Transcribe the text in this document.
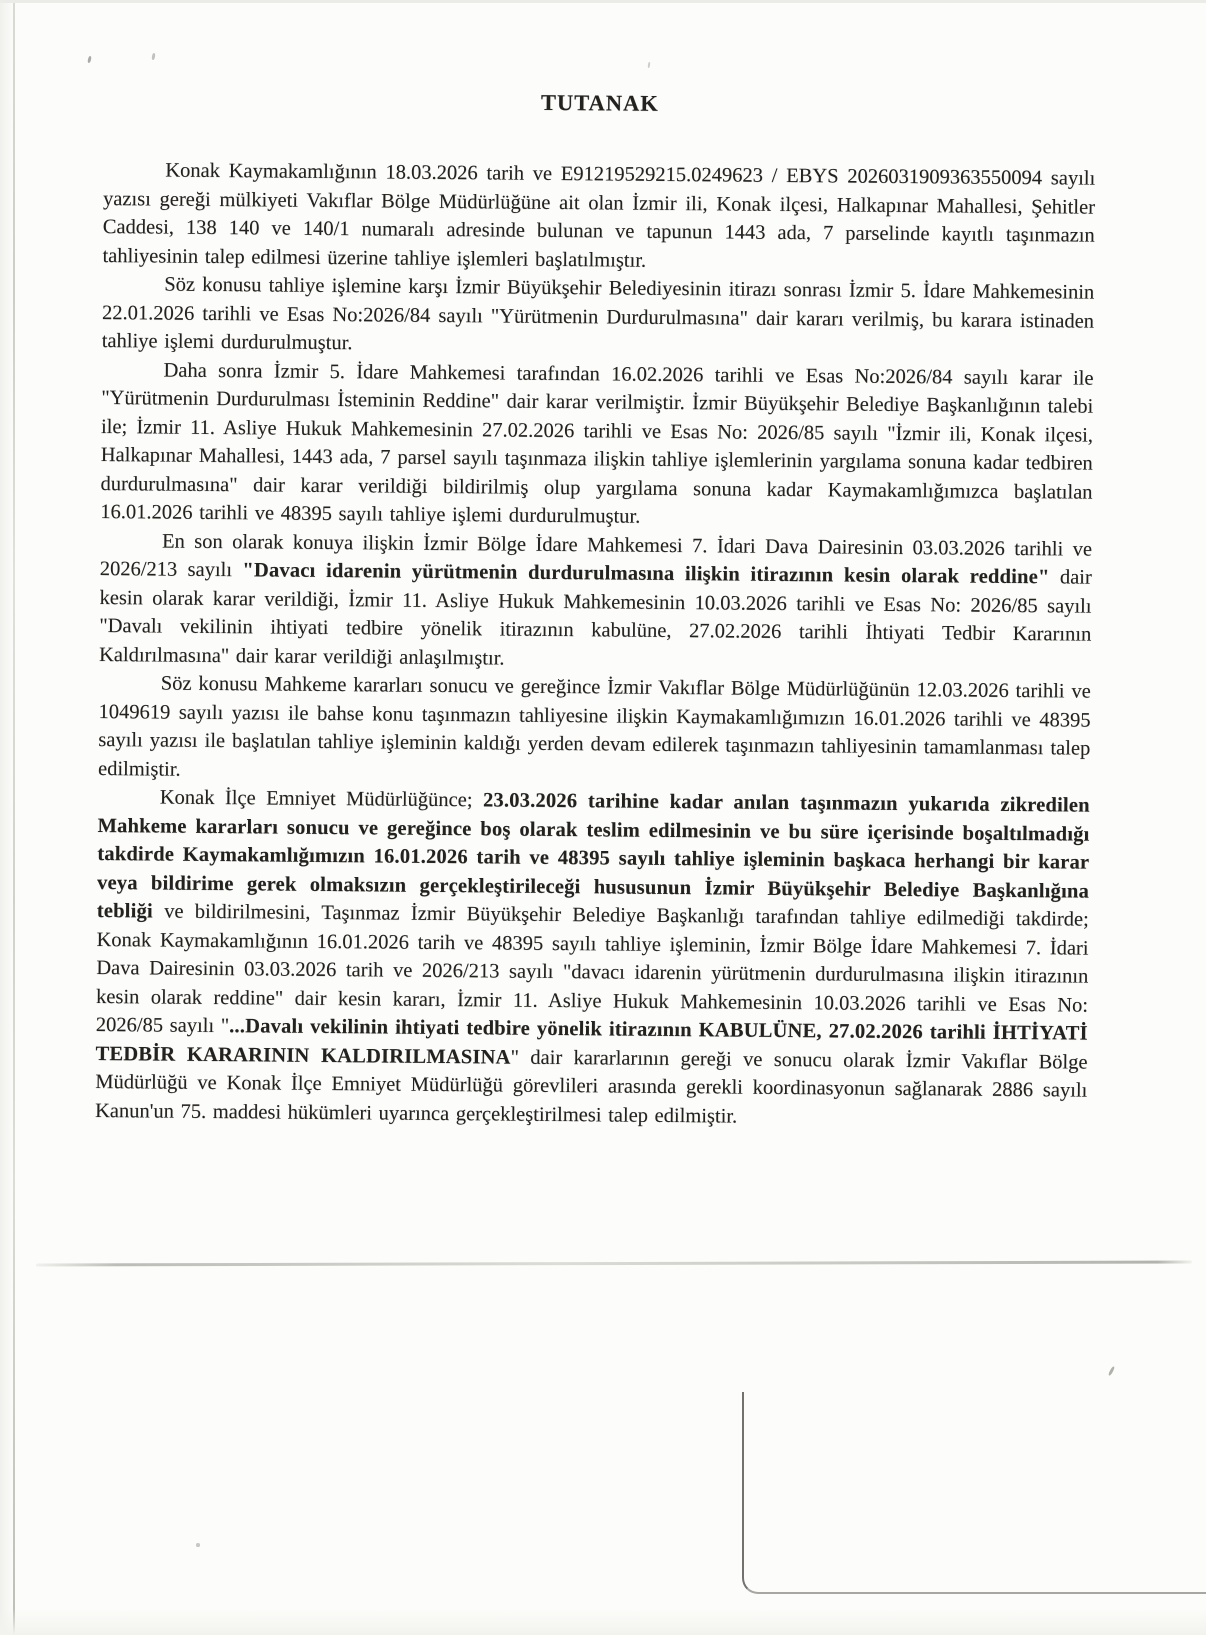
TUTANAK

Konak Kaymakamlığının 18.03.2026 tarih ve E91219529215.0249623 / EBYS 2026031909363550094 sayılı yazısı gereği mülkiyeti Vakıflar Bölge Müdürlüğüne ait olan İzmir ili, Konak ilçesi, Halkapınar Mahallesi, Şehitler Caddesi, 138 140 ve 140/1 numaralı adresinde bulunan ve tapunun 1443 ada, 7 parselinde kayıtlı taşınmazın tahliyesinin talep edilmesi üzerine tahliye işlemleri başlatılmıştır.

Söz konusu tahliye işlemine karşı İzmir Büyükşehir Belediyesinin itirazı sonrası İzmir 5. İdare Mahkemesinin 22.01.2026 tarihli ve Esas No:2026/84 sayılı "Yürütmenin Durdurulmasına" dair kararı verilmiş, bu karara istinaden tahliye işlemi durdurulmuştur.

Daha sonra İzmir 5. İdare Mahkemesi tarafından 16.02.2026 tarihli ve Esas No:2026/84 sayılı karar ile "Yürütmenin Durdurulması İsteminin Reddine" dair karar verilmiştir. İzmir Büyükşehir Belediye Başkanlığının talebi ile; İzmir 11. Asliye Hukuk Mahkemesinin 27.02.2026 tarihli ve Esas No: 2026/85 sayılı "İzmir ili, Konak ilçesi, Halkapınar Mahallesi, 1443 ada, 7 parsel sayılı taşınmaza ilişkin tahliye işlemlerinin yargılama sonuna kadar tedbiren durdurulmasına" dair karar verildiği bildirilmiş olup yargılama sonuna kadar Kaymakamlığımızca başlatılan 16.01.2026 tarihli ve 48395 sayılı tahliye işlemi durdurulmuştur.

En son olarak konuya ilişkin İzmir Bölge İdare Mahkemesi 7. İdari Dava Dairesinin 03.03.2026 tarihli ve 2026/213 sayılı "Davacı idarenin yürütmenin durdurulmasına ilişkin itirazının kesin olarak reddine" dair kesin olarak karar verildiği, İzmir 11. Asliye Hukuk Mahkemesinin 10.03.2026 tarihli ve Esas No: 2026/85 sayılı "Davalı vekilinin ihtiyati tedbire yönelik itirazının kabulüne, 27.02.2026 tarihli İhtiyati Tedbir Kararının Kaldırılmasına" dair karar verildiği anlaşılmıştır.

Söz konusu Mahkeme kararları sonucu ve gereğince İzmir Vakıflar Bölge Müdürlüğünün 12.03.2026 tarihli ve 1049619 sayılı yazısı ile bahse konu taşınmazın tahliyesine ilişkin Kaymakamlığımızın 16.01.2026 tarihli ve 48395 sayılı yazısı ile başlatılan tahliye işleminin kaldığı yerden devam edilerek taşınmazın tahliyesinin tamamlanması talep edilmiştir.

Konak İlçe Emniyet Müdürlüğünce; 23.03.2026 tarihine kadar anılan taşınmazın yukarıda zikredilen Mahkeme kararları sonucu ve gereğince boş olarak teslim edilmesinin ve bu süre içerisinde boşaltılmadığı takdirde Kaymakamlığımızın 16.01.2026 tarih ve 48395 sayılı tahliye işleminin başkaca herhangi bir karar veya bildirime gerek olmaksızın gerçekleştirileceği hususunun İzmir Büyükşehir Belediye Başkanlığına tebliği ve bildirilmesini, Taşınmaz İzmir Büyükşehir Belediye Başkanlığı tarafından tahliye edilmediği takdirde; Konak Kaymakamlığının 16.01.2026 tarih ve 48395 sayılı tahliye işleminin, İzmir Bölge İdare Mahkemesi 7. İdari Dava Dairesinin 03.03.2026 tarih ve 2026/213 sayılı "davacı idarenin yürütmenin durdurulmasına ilişkin itirazının kesin olarak reddine" dair kesin kararı, İzmir 11. Asliye Hukuk Mahkemesinin 10.03.2026 tarihli ve Esas No: 2026/85 sayılı "...Davalı vekilinin ihtiyati tedbire yönelik itirazının KABULÜNE, 27.02.2026 tarihli İHTİYATİ TEDBİR KARARININ KALDIRILMASINA" dair kararlarının gereği ve sonucu olarak İzmir Vakıflar Bölge Müdürlüğü ve Konak İlçe Emniyet Müdürlüğü görevlileri arasında gerekli koordinasyonun sağlanarak 2886 sayılı Kanun'un 75. maddesi hükümleri uyarınca gerçekleştirilmesi talep edilmiştir.
